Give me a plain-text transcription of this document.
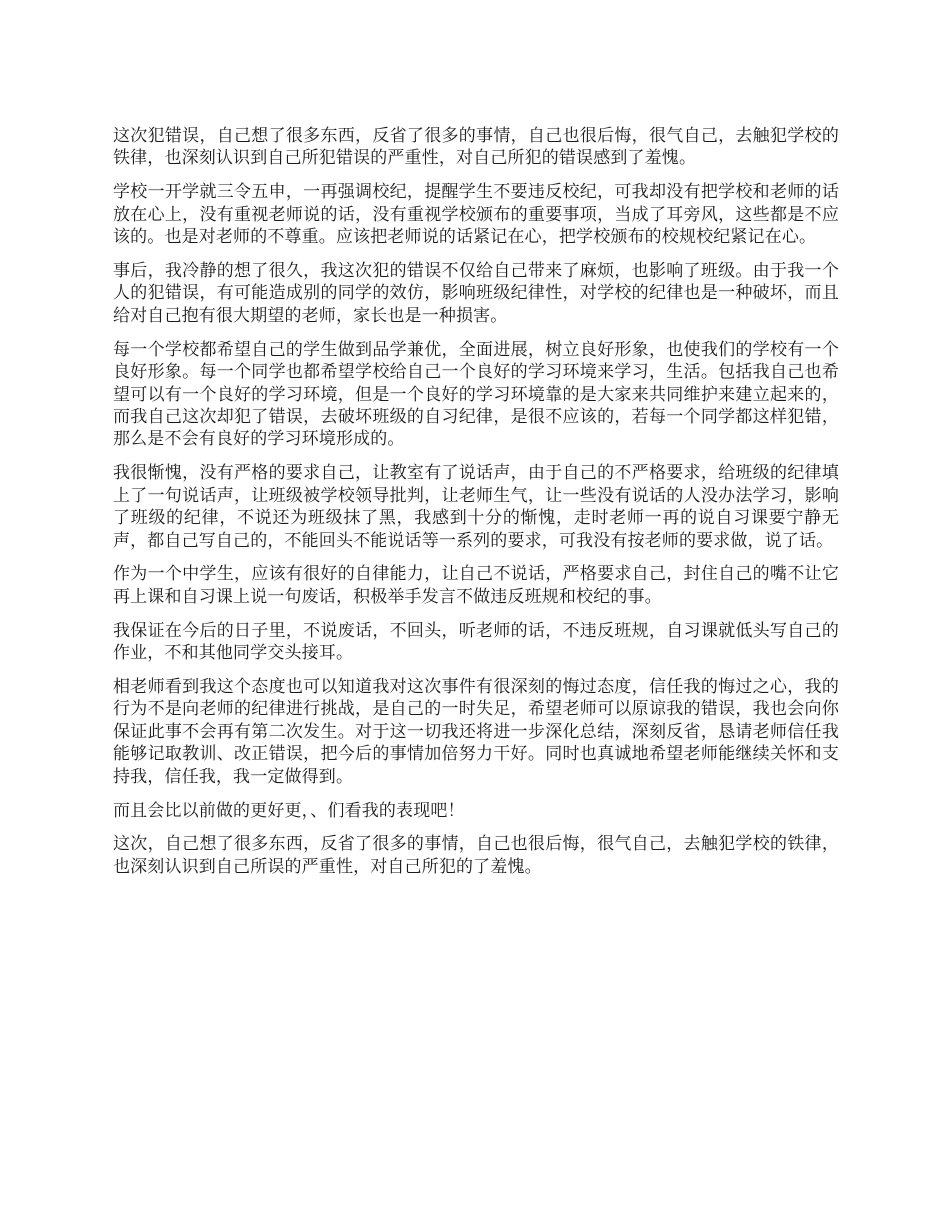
这次犯错误，自己想了很多东西，反省了很多的事情，自己也很后悔，很气自己，去触犯学校的铁律，也深刻认识到自己所犯错误的严重性，对自己所犯的错误感到了羞愧。

学校一开学就三令五申，一再强调校纪，提醒学生不要违反校纪，可我却没有把学校和老师的话放在心上，没有重视老师说的话，没有重视学校颁布的重要事项，当成了耳旁风，这些都是不应该的。也是对老师的不尊重。应该把老师说的话紧记在心，把学校颁布的校规校纪紧记在心。

事后，我冷静的想了很久，我这次犯的错误不仅给自己带来了麻烦，也影响了班级。由于我一个人的犯错误，有可能造成别的同学的效仿，影响班级纪律性，对学校的纪律也是一种破坏，而且给对自己抱有很大期望的老师，家长也是一种损害。

每一个学校都希望自己的学生做到品学兼优，全面进展，树立良好形象，也使我们的学校有一个良好形象。每一个同学也都希望学校给自己一个良好的学习环境来学习，生活。包括我自己也希望可以有一个良好的学习环境，但是一个良好的学习环境靠的是大家来共同维护来建立起来的，而我自己这次却犯了错误，去破坏班级的自习纪律，是很不应该的，若每一个同学都这样犯错，那么是不会有良好的学习环境形成的。

我很惭愧，没有严格的要求自己，让教室有了说话声，由于自己的不严格要求，给班级的纪律填上了一句说话声，让班级被学校领导批判，让老师生气，让一些没有说话的人没办法学习，影响了班级的纪律，不说还为班级抹了黑，我感到十分的惭愧，走时老师一再的说自习课要宁静无声，都自己写自己的，不能回头不能说话等一系列的要求，可我没有按老师的要求做，说了话。

作为一个中学生，应该有很好的自律能力，让自己不说话，严格要求自己，封住自己的嘴不让它再上课和自习课上说一句废话，积极举手发言不做违反班规和校纪的事。

我保证在今后的日子里，不说废话，不回头，听老师的话，不违反班规，自习课就低头写自己的作业，不和其他同学交头接耳。

相老师看到我这个态度也可以知道我对这次事件有很深刻的悔过态度，信任我的悔过之心，我的行为不是向老师的纪律进行挑战，是自己的一时失足，希望老师可以原谅我的错误，我也会向你保证此事不会再有第二次发生。对于这一切我还将进一步深化总结，深刻反省，恳请老师信任我能够记取教训、改正错误，把今后的事情加倍努力干好。同时也真诚地希望老师能继续关怀和支持我，信任我，我一定做得到。

而且会比以前做的更好更，、们看我的表现吧！

这次，自己想了很多东西，反省了很多的事情，自己也很后悔，很气自己，去触犯学校的铁律，也深刻认识到自己所误的严重性，对自己所犯的了羞愧。
